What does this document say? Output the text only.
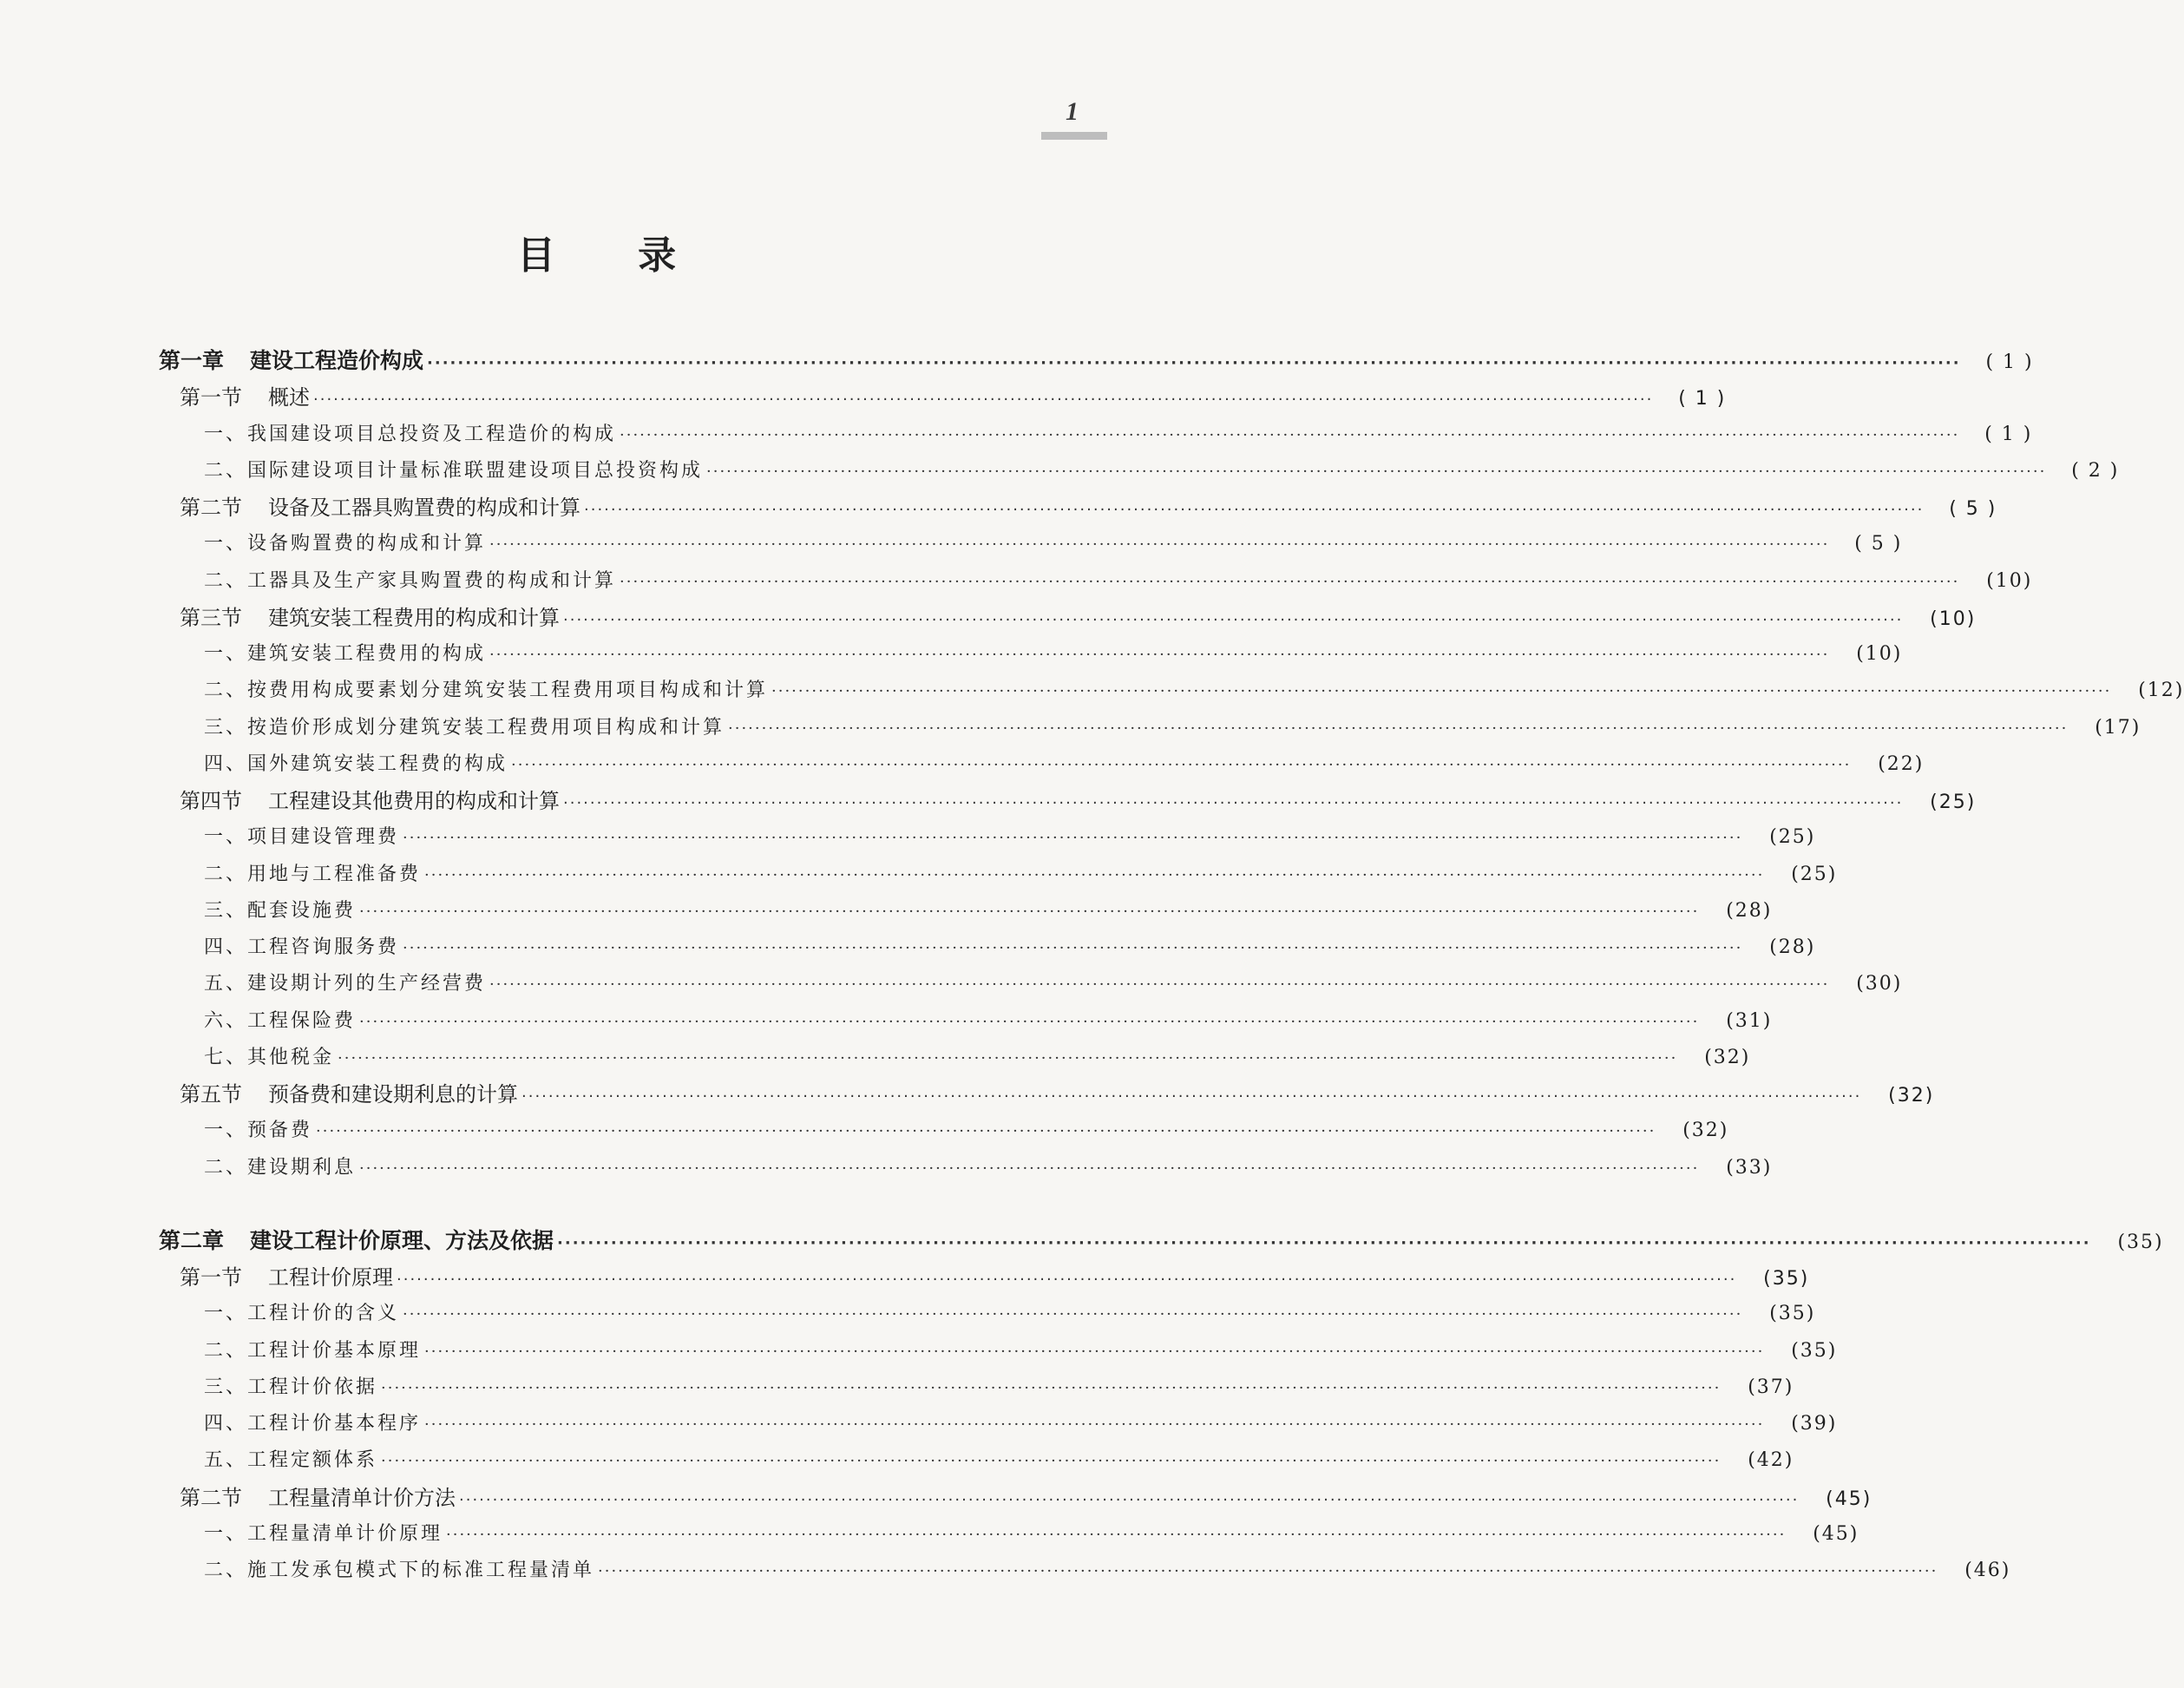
1
目 录
第一章 建设工程造价构成 ········································································································································································································	( 1 )
第一节 概述 ········································································································································································································	( 1 )
一、我国建设项目总投资及工程造价的构成 ········································································································································································································	( 1 )
二、国际建设项目计量标准联盟建设项目总投资构成 ········································································································································································································	( 2 )
第二节 设备及工器具购置费的构成和计算 ········································································································································································································	( 5 )
一、设备购置费的构成和计算 ········································································································································································································	( 5 )
二、工器具及生产家具购置费的构成和计算 ········································································································································································································	(10)
第三节 建筑安装工程费用的构成和计算 ········································································································································································································	(10)
一、建筑安装工程费用的构成 ········································································································································································································	(10)
二、按费用构成要素划分建筑安装工程费用项目构成和计算 ········································································································································································································	(12)
三、按造价形成划分建筑安装工程费用项目构成和计算 ········································································································································································································	(17)
四、国外建筑安装工程费的构成 ········································································································································································································	(22)
第四节 工程建设其他费用的构成和计算 ········································································································································································································	(25)
一、项目建设管理费 ········································································································································································································	(25)
二、用地与工程准备费 ········································································································································································································	(25)
三、配套设施费 ········································································································································································································	(28)
四、工程咨询服务费 ········································································································································································································	(28)
五、建设期计列的生产经营费 ········································································································································································································	(30)
六、工程保险费 ········································································································································································································	(31)
七、其他税金 ········································································································································································································	(32)
第五节 预备费和建设期利息的计算 ········································································································································································································	(32)
一、预备费 ········································································································································································································	(32)
二、建设期利息 ········································································································································································································	(33)
第二章 建设工程计价原理、方法及依据 ········································································································································································································	(35)
第一节 工程计价原理 ········································································································································································································	(35)
一、工程计价的含义 ········································································································································································································	(35)
二、工程计价基本原理 ········································································································································································································	(35)
三、工程计价依据 ········································································································································································································	(37)
四、工程计价基本程序 ········································································································································································································	(39)
五、工程定额体系 ········································································································································································································	(42)
第二节 工程量清单计价方法 ········································································································································································································	(45)
一、工程量清单计价原理 ········································································································································································································	(45)
二、施工发承包模式下的标准工程量清单 ········································································································································································································	(46)
